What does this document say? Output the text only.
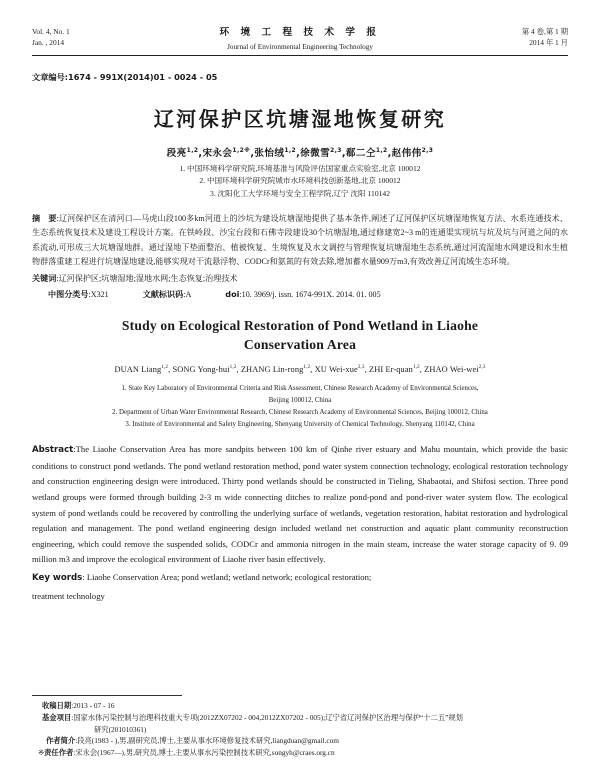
Vol. 4, No. 1
Jan. , 2014
环 境 工 程 技 术 学 报
Journal of Environmental Engineering Technology
第 4 卷,第 1 期
2014 年 1 月
文章编号:1674 - 991X(2014)01 - 0024 - 05
辽河保护区坑塘湿地恢复研究
段亮$^{1,2}$,宋永会$^{1,2※}$,张怡绒$^{1,2}$,徐微雪$^{2,3}$,郗二仝$^{1,2}$,赵伟伟$^{2,3}$
1. 中国环境科学研究院,环境基准与风险评估国家重点实验室,北京 100012
2. 中国环境科学研究院城市水环境科技创新基地,北京 100012
3. 沈阳化工大学环境与安全工程学院,辽宁 沈阳 110142
摘　要:辽河保护区在清河口—马虎山段100多km河道上的沙坑为建设坑塘湿地提供了基本条件,阐述了辽河保护区坑塘湿地恢复方法、水系连通技术、生态系统恢复技术及建设工程设计方案。在铁岭段、沙宝台段和石佛寺段建设30个坑塘湿地,通过修建宽2~3 m的连通渠实现坑与坑及坑与河道之间的水系流动,可形成三大坑塘湿地群。通过湿地下垫面整治、植被恢复、生境恢复及水文调控与管理恢复坑塘湿地生态系统,通过河流湿地水网建设和水生植物群落重建工程进行坑塘湿地建设,能够实现对干流悬浮物、CODCr和氨氮的有效去除,增加蓄水量909万m3,有效改善辽河流域生态环境。
关键词:辽河保护区;坑塘湿地;湿地水网;生态恢复;治理技术
中图分类号:X321	文献标识码:A	doi:10. 3969/j. issn. 1674-991X. 2014. 01. 005
Study on Ecological Restoration of Pond Wetland in Liaohe
Conservation Area
DUAN Liang$^{1,2}$, SONG Yong-hui$^{1,2}$, ZHANG Lin-rong$^{1,2}$, XU Wei-xue$^{2,3}$, ZHI Er-quan$^{1,2}$, ZHAO Wei-wei$^{2,3}$
1. State Key Laboratory of Environmental Criteria and Risk Assessment, Chinese Research Academy of Environmental Sciences,
Beijing 100012, China
2. Department of Urban Water Environmental Research, Chinese Research Academy of Environmental Sciences, Beijing 100012, China
3. Institute of Environmental and Safety Engineering, Shenyang University of Chemical Technology, Shenyang 110142, China
Abstract:The Liaohe Conservation Area has more sandpits between 100 km of Qinhe river estuary and Mahu mountain, which provide the basic conditions to construct pond wetlands. The pond wetland restoration method, pond water system connection technology, ecological restoration technology and construction engineering design were introduced. Thirty pond wetlands should be constructed in Tieling, Shabaotai, and Shifosi section. Three pond wetland groups were formed through building 2-3 m wide connecting ditches to realize pond-pond and pond-river water system flow. The ecological system of pond wetlands could be recovered by controlling the underlying surface of wetlands, vegetation restoration, habitat restoration and hydrological regulation and management. The pond wetland engineering design included wetland net construction and aquatic plant community reconstruction engineering, which could remove the suspended solids, CODCr and ammonia nitrogen in the main steam, increase the water storage capacity of 9. 09 million m3 and improve the ecological environment of Liaohe river basin effectively.
Key words: Liaohe Conservation Area; pond wetland; wetland network; ecological restoration;
treatment technology
收稿日期:2013 - 07 - 16
基金项目:国家水体污染控制与治理科技重大专项(2012ZX07202 - 004,2012ZX07202 - 005);辽宁省辽河保护区治理与保护“十二五”规划
研究(201010361)
作者简介:段亮(1983 - ),男,副研究员,博士,主要从事水环境修复技术研究,liangduan@gmail.com
※责任作者:宋永会(1967—),男,研究员,博士,主要从事水污染控制技术研究,songyh@craes.org.cn
